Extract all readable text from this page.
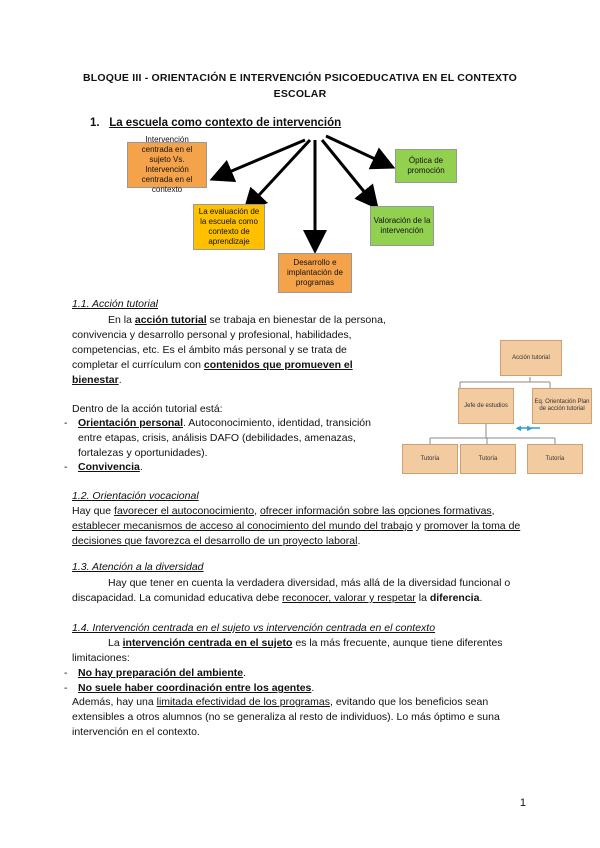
BLOQUE III - ORIENTACIÓN E INTERVENCIÓN PSICOEDUCATIVA EN EL CONTEXTO ESCOLAR
1. La escuela como contexto de intervención
Intervención centrada en el sujeto Vs. Intervención centrada en el contexto
Óptica de promoción
La evaluación de la escuela como contexto de aprendizaje
Valoración de la intervención
Desarrollo e implantación de programas
1.1. Acción tutorial
En la acción tutorial se trabaja en bienestar de la persona, convivencia y desarrollo personal y profesional, habilidades, competencias, etc. Es el ámbito más personal y se trata de completar el currículum con contenidos que promueven el bienestar.
Dentro de la acción tutorial está:
- Orientación personal. Autoconocimiento, identidad, transición entre etapas, crisis, análisis DAFO (debilidades, amenazas, fortalezas y oportunidades).
- Convivencia.
Acción tutorial
Jefe de estudios
Eq. Orientación Plan de acción tutorial
Tutoría	Tutoría	Tutoría
◄ ►
1.2. Orientación vocacional
Hay que favorecer el autoconocimiento, ofrecer información sobre las opciones formativas, establecer mecanismos de acceso al conocimiento del mundo del trabajo y promover la toma de decisiones que favorezca el desarrollo de un proyecto laboral.
1.3. Atención a la diversidad
Hay que tener en cuenta la verdadera diversidad, más allá de la diversidad funcional o discapacidad. La comunidad educativa debe reconocer, valorar y respetar la diferencia.
1.4. Intervención centrada en el sujeto vs intervención centrada en el contexto
La intervención centrada en el sujeto es la más frecuente, aunque tiene diferentes limitaciones:
- No hay preparación del ambiente.
- No suele haber coordinación entre los agentes.
Además, hay una limitada efectividad de los programas, evitando que los beneficios sean extensibles a otros alumnos (no se generaliza al resto de individuos). Lo más óptimo e suna intervención en el contexto.
1
